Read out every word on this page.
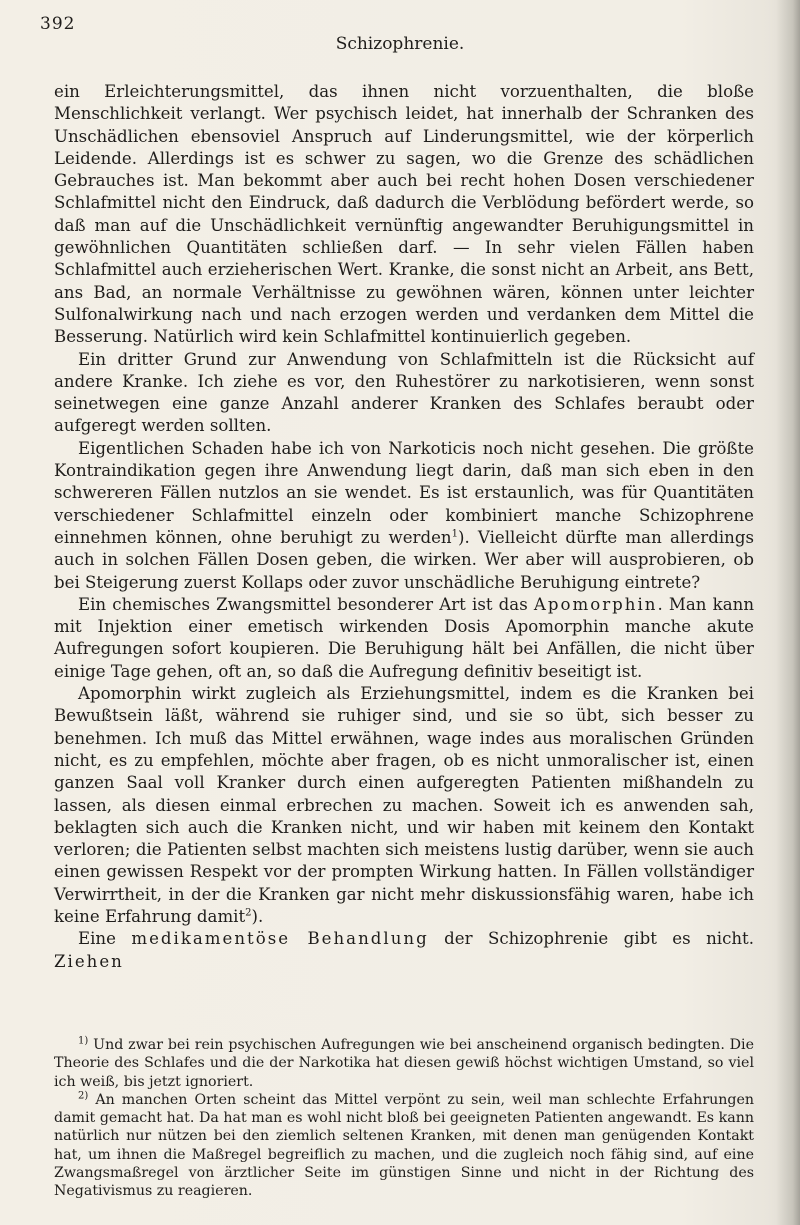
392
Schizophrenie.

ein Erleichterungsmittel, das ihnen nicht vorzuenthalten, die bloße Menschlichkeit verlangt. Wer psychisch leidet, hat innerhalb der Schranken des Unschädlichen ebensoviel Anspruch auf Linderungsmittel, wie der körperlich Leidende. Allerdings ist es schwer zu sagen, wo die Grenze des schädlichen Gebrauches ist. Man bekommt aber auch bei recht hohen Dosen verschiedener Schlafmittel nicht den Eindruck, daß dadurch die Verblödung befördert werde, so daß man auf die Unschädlichkeit vernünftig angewandter Beruhigungsmittel in gewöhnlichen Quantitäten schließen darf. — In sehr vielen Fällen haben Schlafmittel auch erzieherischen Wert. Kranke, die sonst nicht an Arbeit, ans Bett, ans Bad, an normale Verhältnisse zu gewöhnen wären, können unter leichter Sulfonalwirkung nach und nach erzogen werden und verdanken dem Mittel die Besserung. Natürlich wird kein Schlafmittel kontinuierlich gegeben.

Ein dritter Grund zur Anwendung von Schlafmitteln ist die Rücksicht auf andere Kranke. Ich ziehe es vor, den Ruhestörer zu narkotisieren, wenn sonst seinetwegen eine ganze Anzahl anderer Kranken des Schlafes beraubt oder aufgeregt werden sollten.

Eigentlichen Schaden habe ich von Narkoticis noch nicht gesehen. Die größte Kontraindikation gegen ihre Anwendung liegt darin, daß man sich eben in den schwereren Fällen nutzlos an sie wendet. Es ist erstaunlich, was für Quantitäten verschiedener Schlafmittel einzeln oder kombiniert manche Schizophrene einnehmen können, ohne beruhigt zu werden$^1$). Vielleicht dürfte man allerdings auch in solchen Fällen Dosen geben, die wirken. Wer aber will ausprobieren, ob bei Steigerung zuerst Kollaps oder zuvor unschädliche Beruhigung eintrete?

Ein chemisches Zwangsmittel besonderer Art ist das Apomorphin. Man kann mit Injektion einer emetisch wirkenden Dosis Apomorphin manche akute Aufregungen sofort koupieren. Die Beruhigung hält bei Anfällen, die nicht über einige Tage gehen, oft an, so daß die Aufregung definitiv beseitigt ist.

Apomorphin wirkt zugleich als Erziehungsmittel, indem es die Kranken bei Bewußtsein läßt, während sie ruhiger sind, und sie so übt, sich besser zu benehmen. Ich muß das Mittel erwähnen, wage indes aus moralischen Gründen nicht, es zu empfehlen, möchte aber fragen, ob es nicht unmoralischer ist, einen ganzen Saal voll Kranker durch einen aufgeregten Patienten mißhandeln zu lassen, als diesen einmal erbrechen zu machen. Soweit ich es anwenden sah, beklagten sich auch die Kranken nicht, und wir haben mit keinem den Kontakt verloren; die Patienten selbst machten sich meistens lustig darüber, wenn sie auch einen gewissen Respekt vor der prompten Wirkung hatten. In Fällen vollständiger Verwirrtheit, in der die Kranken gar nicht mehr diskussionsfähig waren, habe ich keine Erfahrung damit$^2$).

Eine medikamentöse Behandlung der Schizophrenie gibt es nicht. Ziehen

$^{1)}$ Und zwar bei rein psychischen Aufregungen wie bei anscheinend organisch bedingten. Die Theorie des Schlafes und die der Narkotika hat diesen gewiß höchst wichtigen Umstand, so viel ich weiß, bis jetzt ignoriert.

$^{2)}$ An manchen Orten scheint das Mittel verpönt zu sein, weil man schlechte Erfahrungen damit gemacht hat. Da hat man es wohl nicht bloß bei geeigneten Patienten angewandt. Es kann natürlich nur nützen bei den ziemlich seltenen Kranken, mit denen man genügenden Kontakt hat, um ihnen die Maßregel begreiflich zu machen, und die zugleich noch fähig sind, auf eine Zwangsmaßregel von ärztlicher Seite im günstigen Sinne und nicht in der Richtung des Negativismus zu reagieren.
